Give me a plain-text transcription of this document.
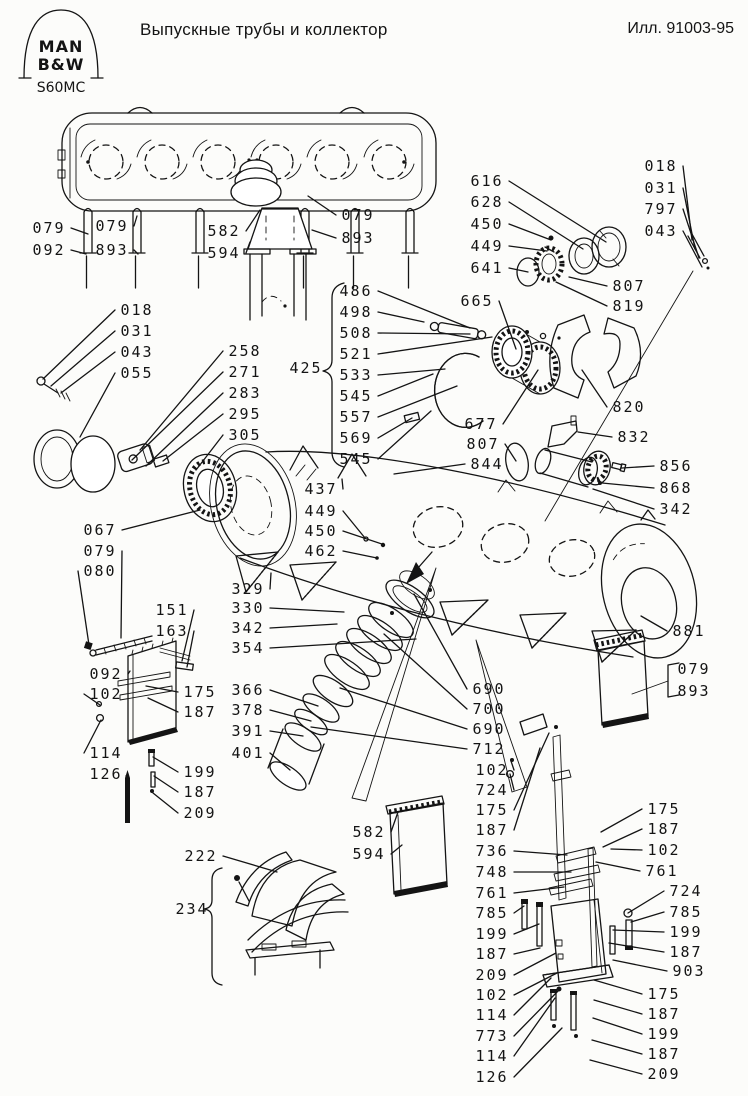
Выпускные трубы и коллектор	Илл. 91003-95
MAN
B&W
S60MC
079
092
079
893
582
594
079
893
616
628
450
449
641
807
819
018
031
797
043
018
031
043
055
258
271
283
295
305
425
486
498
508
521
533
545
557
569
545
665
677
807
844
820
832
856
868
342
437
449
450
462
067
079
080
329
330
342
354
151
163
092
102	175
187
114
126	199
187
209
366
378
391
401
690
700
690
712
881
079
893
582
594
222
234
102
724
175
187
736
748
761
785
199
187
209
102
114
773
114
126
175
187
102
761
724
785
199
187
903
175
187
199
187
209
